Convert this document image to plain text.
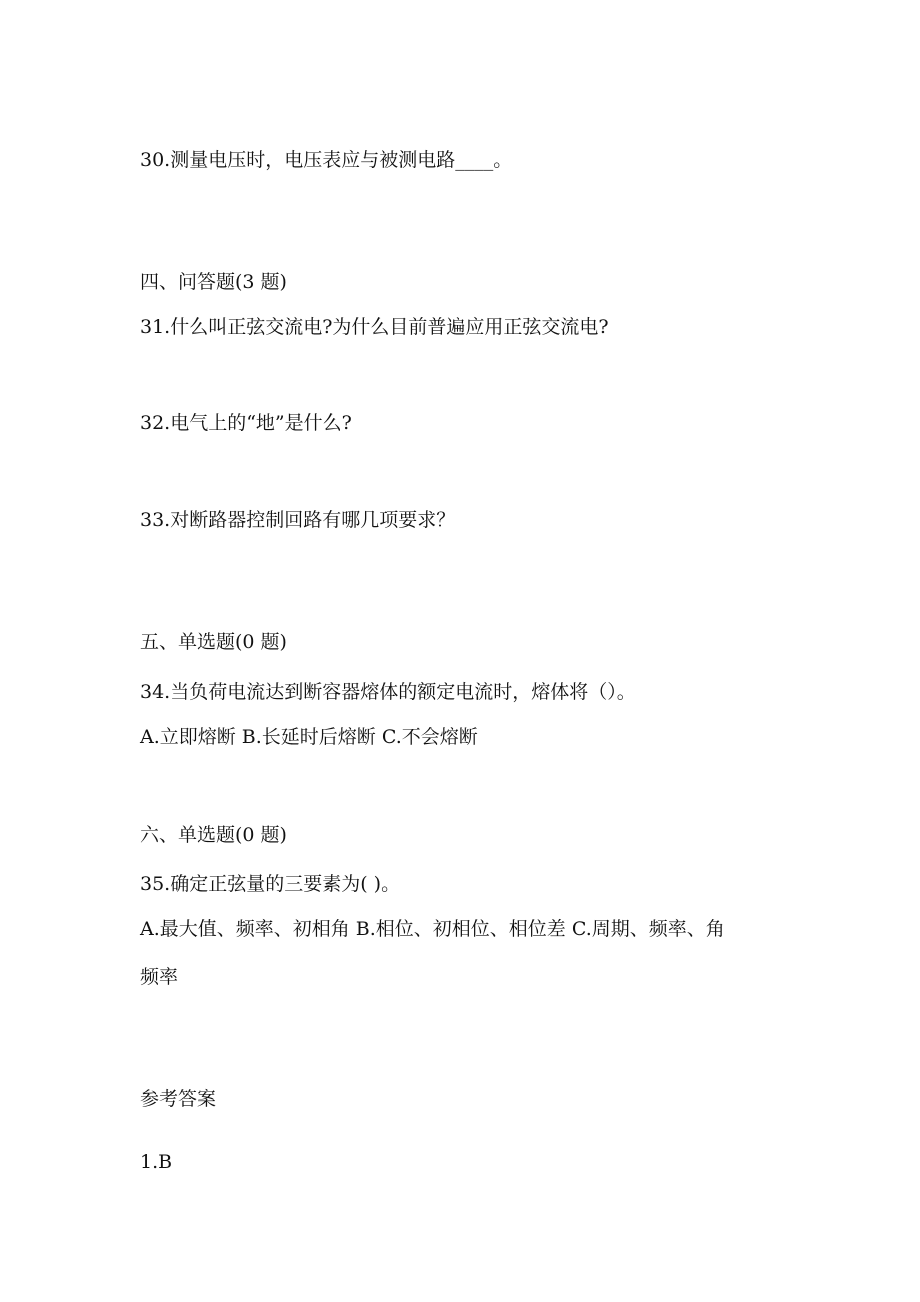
30.测量电压时，电压表应与被测电路____。
四、问答题(3 题)
31.什么叫正弦交流电?为什么目前普遍应用正弦交流电?
32.电气上的“地”是什么?
33.对断路器控制回路有哪几项要求？
五、单选题(0 题)
34.当负荷电流达到断容器熔体的额定电流时，熔体将（）。
A.立即熔断 B.长延时后熔断 C.不会熔断
六、单选题(0 题)
35.确定正弦量的三要素为( )。
A.最大值、频率、初相角 B.相位、初相位、相位差 C.周期、频率、角
频率
参考答案
1.B
